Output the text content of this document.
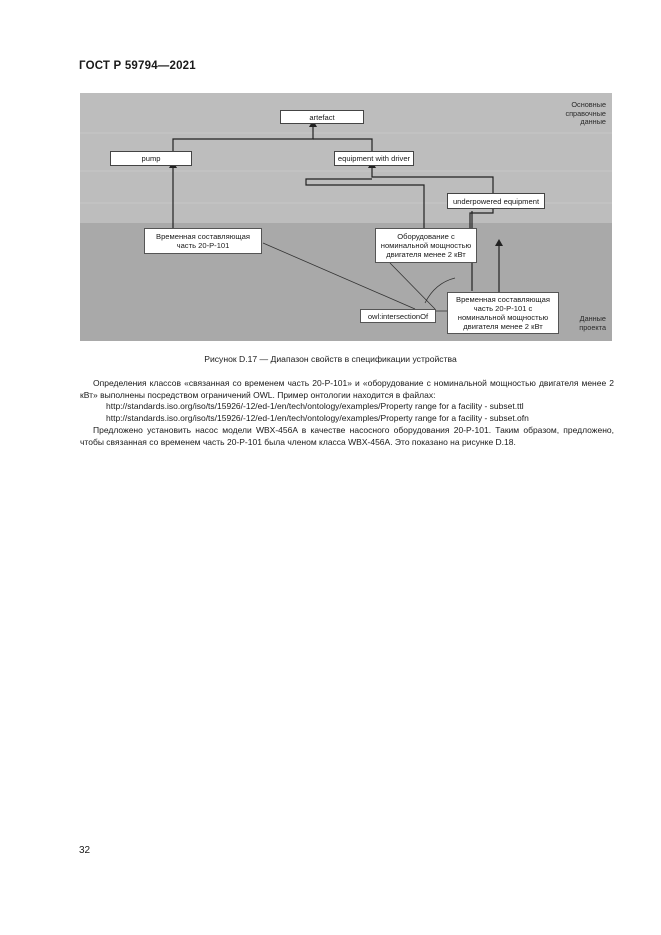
ГОСТ Р 59794—2021
Основные
справочные
данные
Данные
проекта
artefact
pump	equipment with driver
underpowered equipment
Временная составляющая
часть 20-P-101
Оборудование с
номинальной мощностью
двигателя менее 2 кВт
Временная составляющая
часть 20-P-101 с
номинальной мощностью
двигателя менее 2 кВт
owl:intersectionOf
Рисунок D.17 — Диапазон свойств в спецификации устройства

Определения классов «связанная со временем часть 20-P-101» и «оборудование с номинальной мощностью двигателя менее 2 кВт» выполнены посредством ограничений OWL. Пример онтологии находится в файлах:

http://standards.iso.org/iso/ts/15926/-12/ed-1/en/tech/ontology/examples/Property range for a facility - subset.ttl

http://standards.iso.org/iso/ts/15926/-12/ed-1/en/tech/ontology/examples/Property range for a facility - subset.ofn

Предложено установить насос модели WBX-456A в качестве насосного оборудования 20-P-101. Таким образом, предложено, чтобы связанная со временем часть 20-P-101 была членом класса WBX-456A. Это показано на рисунке D.18.

32
